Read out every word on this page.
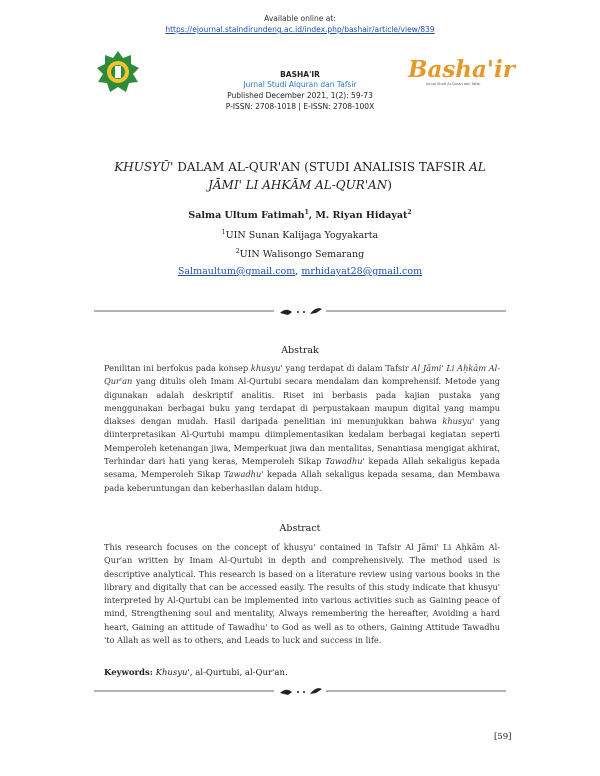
Available online at:
https://ejournal.staindirundeng.ac.id/index.php/bashair/article/view/839
BASHA'IR
Jurnal Studi Alquran dan Tafsir
Published December 2021, 1(2): 59-73
P-ISSN: 2708-1018 | E-ISSN: 2708-100X
Basha'ir
Jurnal Studi Al-Quran dan Tafsir
KHUSYŪ' DALAM AL-QUR'AN (STUDI ANALISIS TAFSIR AL JĀMI' LI AHKĀM AL-QUR'AN)
Salma Ultum Fatimah$^1$, M. Riyan Hidayat$^2$
$^1$UIN Sunan Kalijaga Yogyakarta
$^2$UIN Walisongo Semarang
Salmaultum@gmail.com, mrhidayat28@gmail.com
Abstrak
Penilitan ini berfokus pada konsep khusyu' yang terdapat di dalam Tafsir Al Jāmi' Li Aḥkām Al-Qur'an yang ditulis oleh Imam Al-Qurtubi secara mendalam dan komprehensif. Metode yang digunakan adalah deskriptif analitis. Riset ini berbasis pada kajian pustaka yang menggunakan berbagai buku yang terdapat di perpustakaan maupun digital yang mampu diakses dengan mudah. Hasil daripada penelitian ini menunjukkan bahwa khusyu' yang diinterpretasikan Al-Qurtubi mampu diimplementasikan kedalam berbagai kegiatan seperti Memperoleh ketenangan jiwa, Memperkuat jiwa dan mentalitas, Senantiasa mengigat akhirat, Terhindar dari hati yang keras, Memperoleh Sikap Tawadhu' kepada Allah sekaligus kepada sesama, Memperoleh Sikap Tawadhu' kepada Allah sekaligus kepada sesama, dan Membawa pada keberuntungan dan keberhasilan dalam hidup.
Abstract
This research focuses on the concept of khusyu' contained in Tafsir Al Jāmi' Li Aḥkām Al-Qur'an written by Imam Al-Qurtubi in depth and comprehensively. The method used is descriptive analytical. This research is based on a literature review using various books in the library and digitally that can be accessed easily. The results of this study indicate that khusyu' interpreted by Al-Qurtubi can be implemented into various activities such as Gaining peace of mind, Strengthening soul and mentality, Always remembering the hereafter, Avoiding a hard heart, Gaining an attitude of Tawadhu' to God as well as to others, Gaining Attitude Tawadhu 'to Allah as well as to others, and Leads to luck and success in life.
Keywords: Khusyu', al-Qurtubi, al-Qur'an.
[59]
